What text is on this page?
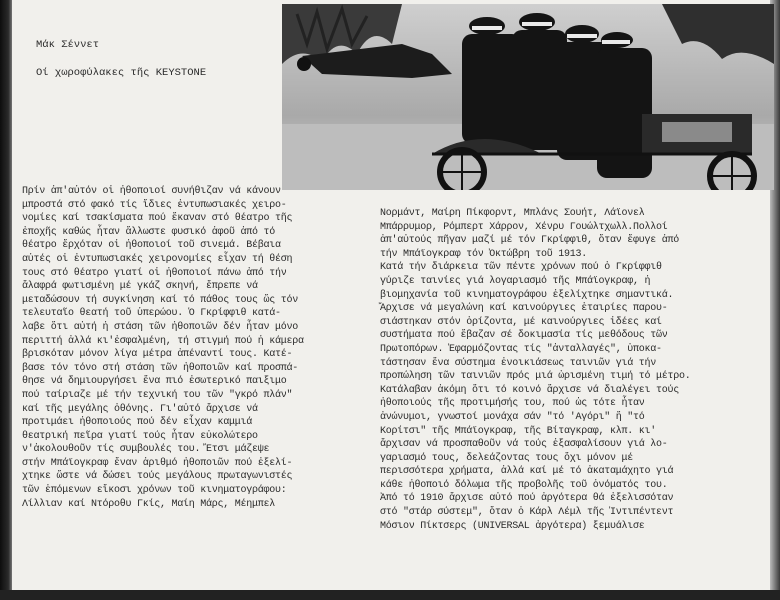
Μάκ Σέννετ
Οί χωροφύλακες τῆς KEYSTONE
Πρίν ἀπ'αὐτόν οἱ ἠθοποιοί συνήθιζαν νά κάνουν
μπροστά στό φακό τίς ἴδιες ἐντυπωσιακές χειρο-
νομίες καί τσακίσματα πού ἔκαναν στό θέατρο τῆς
ἐποχῆς καθώς ἦταν ἄλλωστε φυσικό ἀφοῦ ἀπό τό
θέατρο ἔρχόταν οἱ ἠθοποιοί τοῦ σινεμά. Βέβαια
αὐτές οἱ ἐντυπωσιακές χειρονομίες εἶχαν τή θέση
τους στό θέατρο γιατί οἱ ἠθοποιοί πάνω ἀπό τήν
ἄλαφρά φωτισμένη μέ γκάζ σκηνή, ἔπρεπε νά
μεταδώσουν τή συγκίνηση καί τό πάθος τους ὥς τόν
τελευταῖο θεατή τοῦ ὑπερώου. Ὁ Γκρίφφιθ κατά-
λαβε ὅτι αὐτή ἡ στάση τῶν ἠθοποιῶν δέν ἦταν μόνο
περιττή ἀλλά κι'ἐσφαλμένη, τή στιγμή πού ἡ κάμερα
βρισκόταν μόνον λίγα μέτρα ἀπέναντί τους. Κατέ-
βασε τόν τόνο στή στάση τῶν ἠθοποιῶν καί προσπά-
θησε νά δημιουργήσει ἕνα πιό ἐσωτερικό παιξιμο
πού ταίριαζε μέ τήν τεχνική του τῶν "γκρό πλάν"
καί τῆς μεγάλης ὀθόνης. Γι'αὐτό ἄρχισε νά
προτιμάει ἠθοποιούς πού δέν εἶχαν καμμιά
θεατρική πεῖρα γιατί τούς ἦταν εὐκολώτερο
ν'ἀκολουθοῦν τίς συμβουλές του. Ἔτσι μάζεψε
στήν Μπάϊογκραφ ἕναν ἀριθμό ἠθοποιῶν πού ἐξελί-
χτηκε ὥστε νά δώσει τούς μεγάλους πρωταγωνιστές
τῶν ἑπόμενων εἴκοσι χρόνων τοῦ κινηματογράφου:
Λίλλιαν καί Ντόροθυ Γκίς, Μαίη Μάρς, Μέημπελ
Νορμάντ, Μαίρη Πίκφορντ, Μπλάνς Σουήτ, Λάϊονελ
Μπάρρυμορ, Ρόμπερτ Χάρρον, Χένρυ Γουώλτχωλλ.Πολλοί
ἀπ'αὐτούς πῆγαν μαζί μέ τόν Γκρίφφιθ, ὅταν ἔφυγε ἀπό
τήν Μπάϊογκραφ τόν Ὀκτώβρη τοῦ 1913.
Κατά τήν διάρκεια τῶν πέντε χρόνων πού ὁ Γκρίφφιθ
γύριζε ταινίες γιά λογαριασμό τῆς Μπάϊογκραφ, ἡ
βιομηχανία τοῦ κινηματογράφου ἐξελίχτηκε σημαντικά.
Ἄρχισε νά μεγαλώνη καί καινούργιες ἑταιρίες παρου-
σιάστηκαν στόν ὁρίζοντα, μέ καινούργιες ἰδέες καί
συστήματα πού ἔβαζαν σέ δοκιμασία τίς μεθόδους τῶν
Πρωτοπόρων. Ἐφαρμόζοντας τίς "ἀνταλλαγές", ὑποκα-
τάστησαν ἕνα σύστημα ἐνοικιάσεως ταινιῶν γιά τήν
προπώληση τῶν ταινιῶν πρός μιά ὡρισμένη τιμή τό μέτρο.
Κατάλαβαν ἀκόμη ὅτι τό κοινό ἄρχισε νά διαλέγει τούς
ἠθοποιούς τῆς προτιμήσής του, πού ὡς τότε ἦταν
ἀνώνυμοι, γνωστοί μονάχα σάν "τό 'Αγόρι" ἤ "τό
Κορίτσι" τῆς Μπάϊογκραφ, τῆς Βίταγκραφ, κλπ. κι'
ἄρχισαν νά προσπαθοῦν νά τούς ἐξασφαλίσουν γιά λο-
γαριασμό τους, δελεάζοντας τους ὄχι μόνον μέ
περισσότερα χρήματα, ἀλλά καί μέ τό ἀκαταμάχητο γιά
κάθε ἠθοποιό δόλωμα τῆς προβολῆς τοῦ ὀνόματός του.
Ἀπό τό 1910 ἄρχισε αὐτό πού ἀργότερα θά ἐξελισσόταν
στό "στάρ σύστεμ", ὅταν ὁ Κάρλ Λέμλ τῆς Ἰντιπέντεντ
Μόσιον Πίκτσερς (UNIVERSAL ἀργότερα) ξεμυάλισε
